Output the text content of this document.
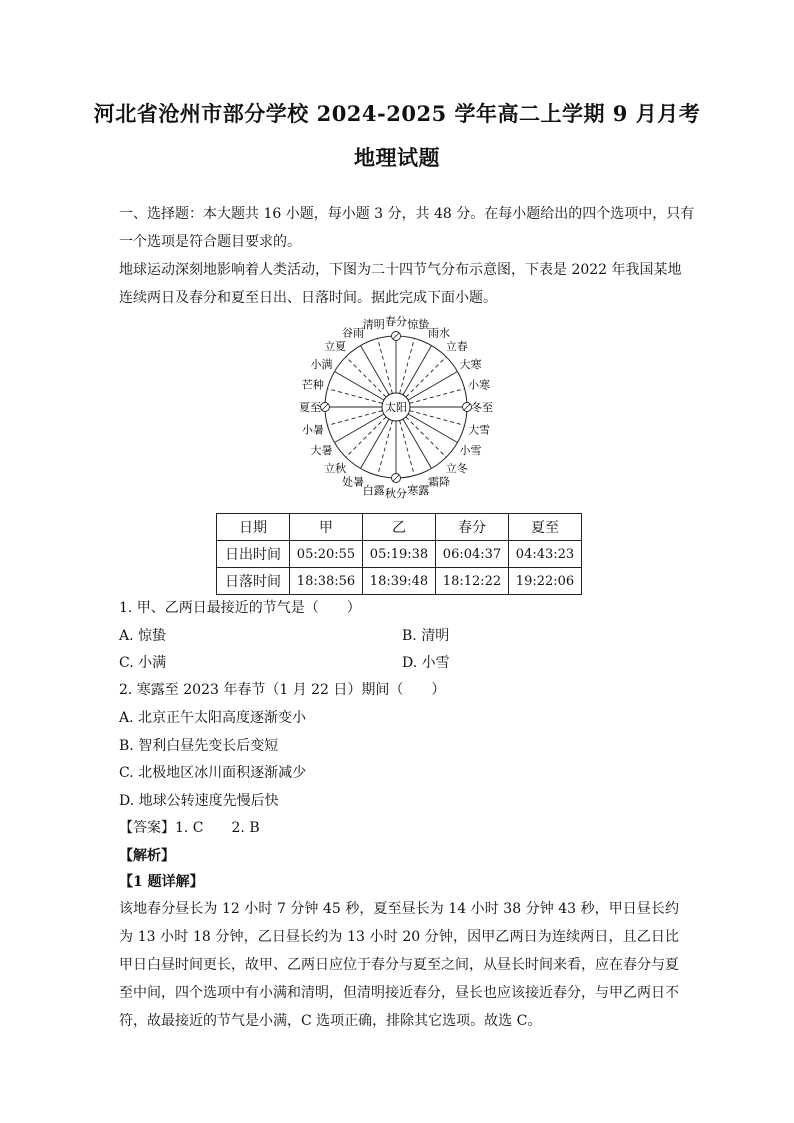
河北省沧州市部分学校 2024-2025 学年高二上学期 9 月月考
地理试题
一、选择题：本大题共 16 小题，每小题 3 分，共 48 分。在每小题给出的四个选项中，只有
一个选项是符合题目要求的。
地球运动深刻地影响着人类活动，下图为二十四节气分布示意图，下表是 2022 年我国某地
连续两日及春分和夏至日出、日落时间。据此完成下面小题。
太阳
春分 惊蛰
雨水
立春
大寒
小寒
冬至
大雪
小雪
立冬
霜降
寒露
秋分
白露
处暑
立秋
大暑
小暑
夏至
芒种
小满
立夏
谷雨
清明
日期	甲	乙	春分	夏至
日出时间	05:20:55	05:19:38	06:04:37	04:43:23
日落时间	18:38:56	18:39:48	18:12:22	19:22:06
1. 甲、乙两日最接近的节气是（　　）
A. 惊蛰	B. 清明
C. 小满	D. 小雪
2. 寒露至 2023 年春节（1 月 22 日）期间（　　）
A. 北京正午太阳高度逐渐变小
B. 智利白昼先变长后变短
C. 北极地区冰川面积逐渐减少
D. 地球公转速度先慢后快
【答案】1. C　　2. B
【解析】
【1 题详解】
该地春分昼长为 12 小时 7 分钟 45 秒，夏至昼长为 14 小时 38 分钟 43 秒，甲日昼长约为 13 小时 18 分钟，乙日昼长约为 13 小时 20 分钟，因甲乙两日为连续两日，且乙日比甲日白昼时间更长，故甲、乙两日应位于春分与夏至之间，从昼长时间来看，应在春分与夏至中间，四个选项中有小满和清明，但清明接近春分，昼长也应该接近春分，与甲乙两日不符，故最接近的节气是小满，C 选项正确，排除其它选项。故选 C。
